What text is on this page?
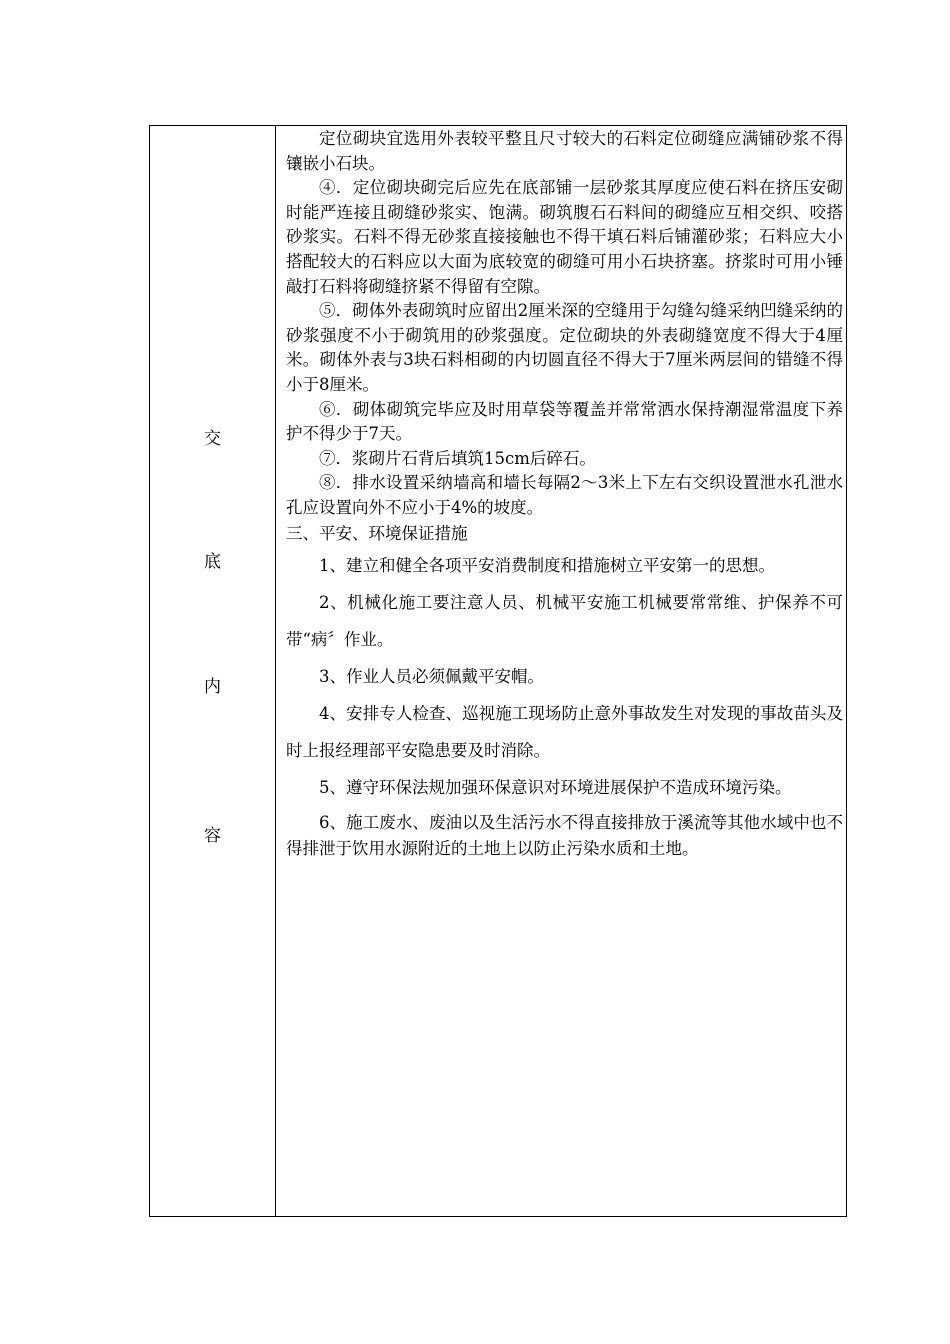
交
底
内
容

定位砌块宜选用外表较平整且尺寸较大的石料定位砌缝应满铺砂浆不得镶嵌小石块。

④．定位砌块砌完后应先在底部铺一层砂浆其厚度应使石料在挤压安砌时能严连接且砌缝砂浆实、饱满。砌筑腹石石料间的砌缝应互相交织、咬搭砂浆实。石料不得无砂浆直接接触也不得干填石料后铺灌砂浆；石料应大小搭配较大的石料应以大面为底较宽的砌缝可用小石块挤塞。挤浆时可用小锤敲打石料将砌缝挤紧不得留有空隙。

⑤．砌体外表砌筑时应留出2厘米深的空缝用于勾缝勾缝采纳凹缝采纳的砂浆强度不小于砌筑用的砂浆强度。定位砌块的外表砌缝宽度不得大于4厘米。砌体外表与3块石料相砌的内切圆直径不得大于7厘米两层间的错缝不得小于8厘米。

⑥．砌体砌筑完毕应及时用草袋等覆盖并常常洒水保持潮湿常温度下养护不得少于7天。

⑦．浆砌片石背后填筑15cm后碎石。

⑧．排水设置采纳墙高和墙长每隔2～3米上下左右交织设置泄水孔泄水孔应设置向外不应小于4%的坡度。

三、平安、环境保证措施

1、建立和健全各项平安消费制度和措施树立平安第一的思想。

2、机械化施工要注意人员、机械平安施工机械要常常维、护保养不可带“病〞作业。

3、作业人员必须佩戴平安帽。

4、安排专人检查、巡视施工现场防止意外事故发生对发现的事故苗头及时上报经理部平安隐患要及时消除。

5、遵守环保法规加强环保意识对环境进展保护不造成环境污染。

6、施工废水、废油以及生活污水不得直接排放于溪流等其他水域中也不得排泄于饮用水源附近的土地上以防止污染水质和土地。
